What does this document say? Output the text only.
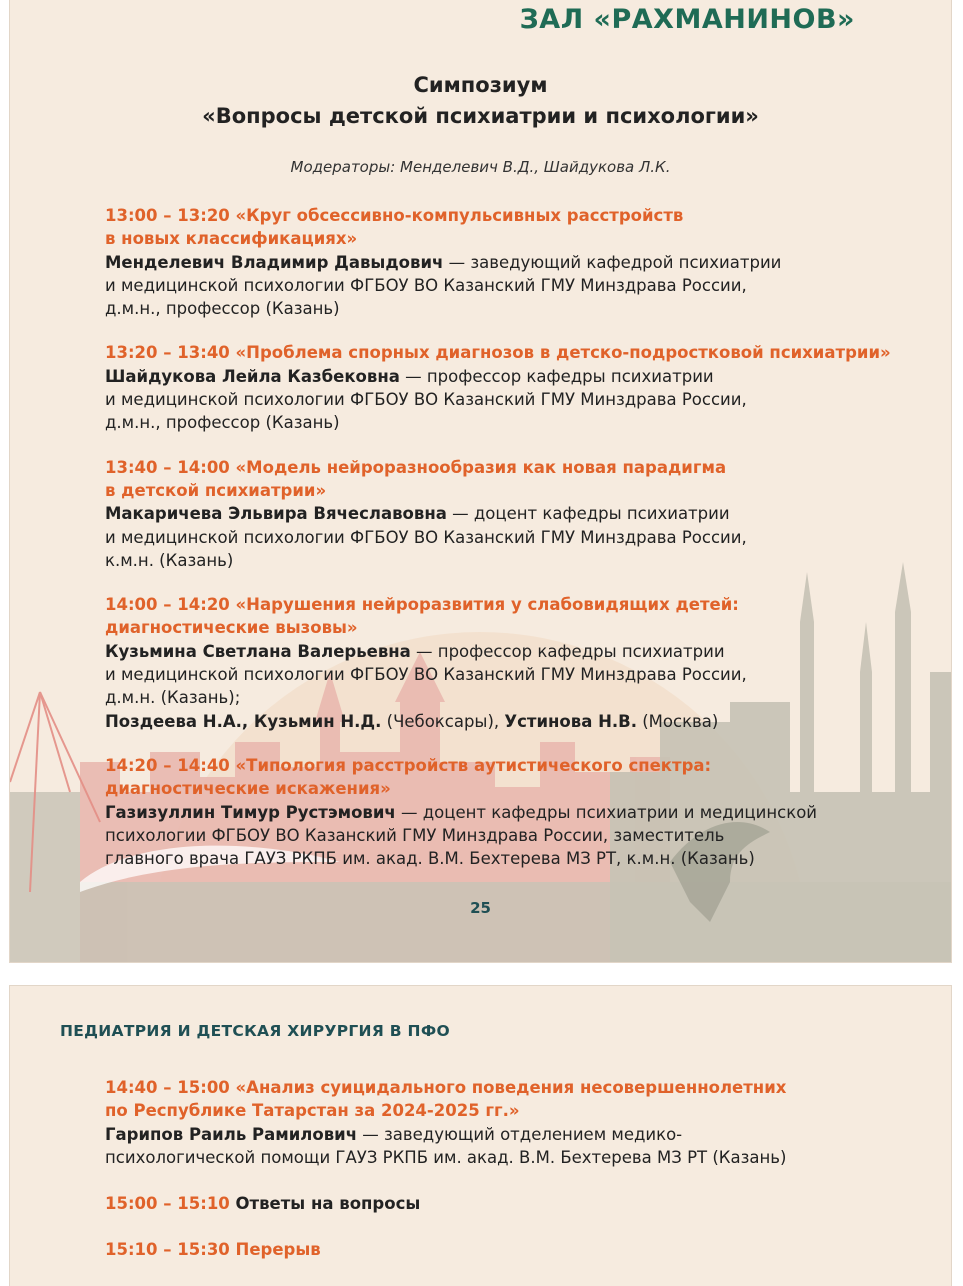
ЗАЛ «РАХМАНИНОВ»
Симпозиум
«Вопросы детской психиатрии и психологии»
Модераторы: Менделевич В.Д., Шайдукова Л.К.
13:00 – 13:20 «Круг обсессивно-компульсивных расстройств
в новых классификациях»
Менделевич Владимир Давыдович — заведующий кафедрой психиатрии
и медицинской психологии ФГБОУ ВО Казанский ГМУ Минздрава России,
д.м.н., профессор (Казань)
13:20 – 13:40 «Проблема спорных диагнозов в детско-подростковой психиатрии»
Шайдукова Лейла Казбековна — профессор кафедры психиатрии
и медицинской психологии ФГБОУ ВО Казанский ГМУ Минздрава России,
д.м.н., профессор (Казань)
13:40 – 14:00 «Модель нейроразнообразия как новая парадигма
в детской психиатрии»
Макаричева Эльвира Вячеславовна — доцент кафедры психиатрии
и медицинской психологии ФГБОУ ВО Казанский ГМУ Минздрава России,
к.м.н. (Казань)
14:00 – 14:20 «Нарушения нейроразвития у слабовидящих детей:
диагностические вызовы»
Кузьмина Светлана Валерьевна — профессор кафедры психиатрии
и медицинской психологии ФГБОУ ВО Казанский ГМУ Минздрава России,
д.м.н. (Казань);
Поздеева Н.А., Кузьмин Н.Д. (Чебоксары), Устинова Н.В. (Москва)
14:20 – 14:40 «Типология расстройств аутистического спектра:
диагностические искажения»
Газизуллин Тимур Рустэмович — доцент кафедры психиатрии и медицинской
психологии ФГБОУ ВО Казанский ГМУ Минздрава России, заместитель
главного врача ГАУЗ РКПБ им. акад. В.М. Бехтерева МЗ РТ, к.м.н. (Казань)
25
ПЕДИАТРИЯ И ДЕТСКАЯ ХИРУРГИЯ В ПФО
14:40 – 15:00 «Анализ суицидального поведения несовершеннолетних
по Республике Татарстан за 2024-2025 гг.»
Гарипов Раиль Рамилович — заведующий отделением медико-
психологической помощи ГАУЗ РКПБ им. акад. В.М. Бехтерева МЗ РТ (Казань)
15:00 – 15:10 Ответы на вопросы
15:10 – 15:30 Перерыв
